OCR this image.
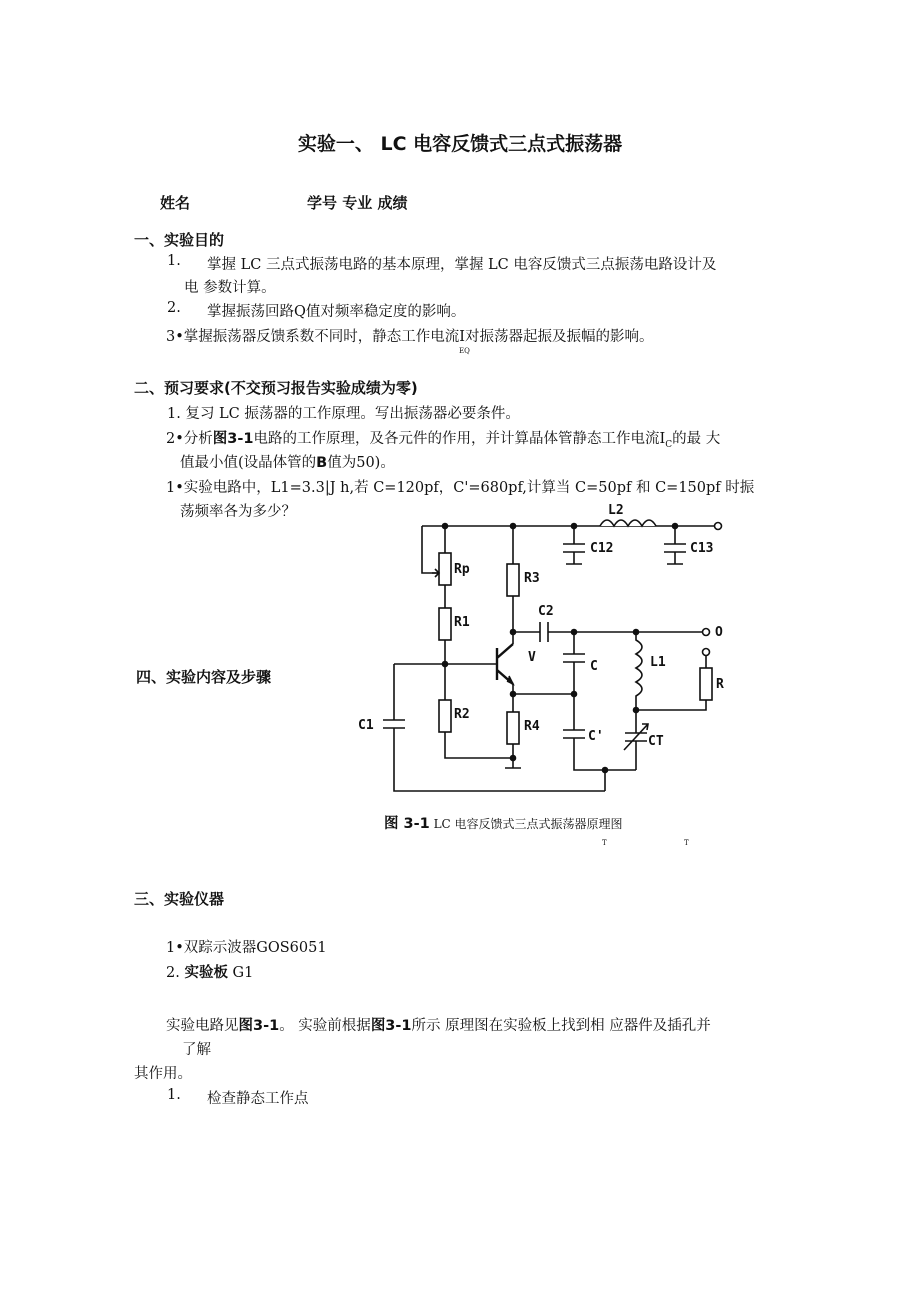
实验一、 LC 电容反馈式三点式振荡器
姓名	学号 专业 成绩
一、实验目的
1. 掌握 LC 三点式振荡电路的基本原理，掌握 LC 电容反馈式三点振荡电路设计及
电 参数计算。
2. 掌握振荡回路Q值对频率稳定度的影响。
3•掌握振荡器反馈系数不同时，静态工作电流I对振荡器起振及振幅的影响。
EQ
二、预习要求(不交预习报告实验成绩为零)
1. 复习 LC 振荡器的工作原理。写出振荡器必要条件。
2•分析图3-1电路的工作原理，及各元件的作用，并计算晶体管静态工作电流$I_C$的最 大
值最小值(设晶体管的B值为50)。
1•实验电路中，L1=3.3|J h,若 C=120pf，C'=680pf,计算当 C=50pf 和 C=150pf 时振
荡频率各为多少？
四、实验内容及步骤
L2
C12	C13
Rp
R3
C2
O
R1
V
C	L1
R
C1
R2
R4
C'	CT
图 3-1 LC 电容反馈式三点式振荡器原理图
T	T
三、实验仪器
1•双踪示波器GOS6051
2. 实验板 G1
实验电路见图3-1。 实验前根据图3-1所示 原理图在实验板上找到相 应器件及插孔并
了解
其作用。
1. 检查静态工作点
